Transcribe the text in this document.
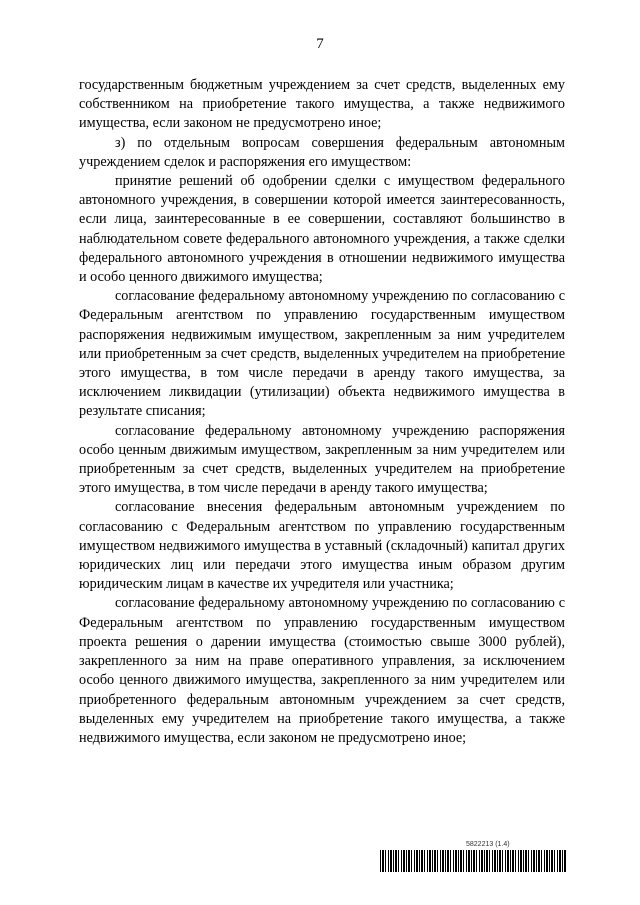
7

государственным бюджетным учреждением за счет средств, выделенных ему собственником на приобретение такого имущества, а также недвижимого имущества, если законом не предусмотрено иное;

з) по отдельным вопросам совершения федеральным автономным учреждением сделок и распоряжения его имуществом:

принятие решений об одобрении сделки с имуществом федерального автономного учреждения, в совершении которой имеется заинтересованность, если лица, заинтересованные в ее совершении, составляют большинство в наблюдательном совете федерального автономного учреждения, а также сделки федерального автономного учреждения в отношении недвижимого имущества и особо ценного движимого имущества;

согласование федеральному автономному учреждению по согласованию с Федеральным агентством по управлению государственным имуществом распоряжения недвижимым имуществом, закрепленным за ним учредителем или приобретенным за счет средств, выделенных учредителем на приобретение этого имущества, в том числе передачи в аренду такого имущества, за исключением ликвидации (утилизации) объекта недвижимого имущества в результате списания;

согласование федеральному автономному учреждению распоряжения особо ценным движимым имуществом, закрепленным за ним учредителем или приобретенным за счет средств, выделенных учредителем на приобретение этого имущества, в том числе передачи в аренду такого имущества;

согласование внесения федеральным автономным учреждением по согласованию с Федеральным агентством по управлению государственным имуществом недвижимого имущества в уставный (складочный) капитал других юридических лиц или передачи этого имущества иным образом другим юридическим лицам в качестве их учредителя или участника;

согласование федеральному автономному учреждению по согласованию с Федеральным агентством по управлению государственным имуществом проекта решения о дарении имущества (стоимостью свыше 3000 рублей), закрепленного за ним на праве оперативного управления, за исключением особо ценного движимого имущества, закрепленного за ним учредителем или приобретенного федеральным автономным учреждением за счет средств, выделенных ему учредителем на приобретение такого имущества, а также недвижимого имущества, если законом не предусмотрено иное;

5822213 (1.4)
